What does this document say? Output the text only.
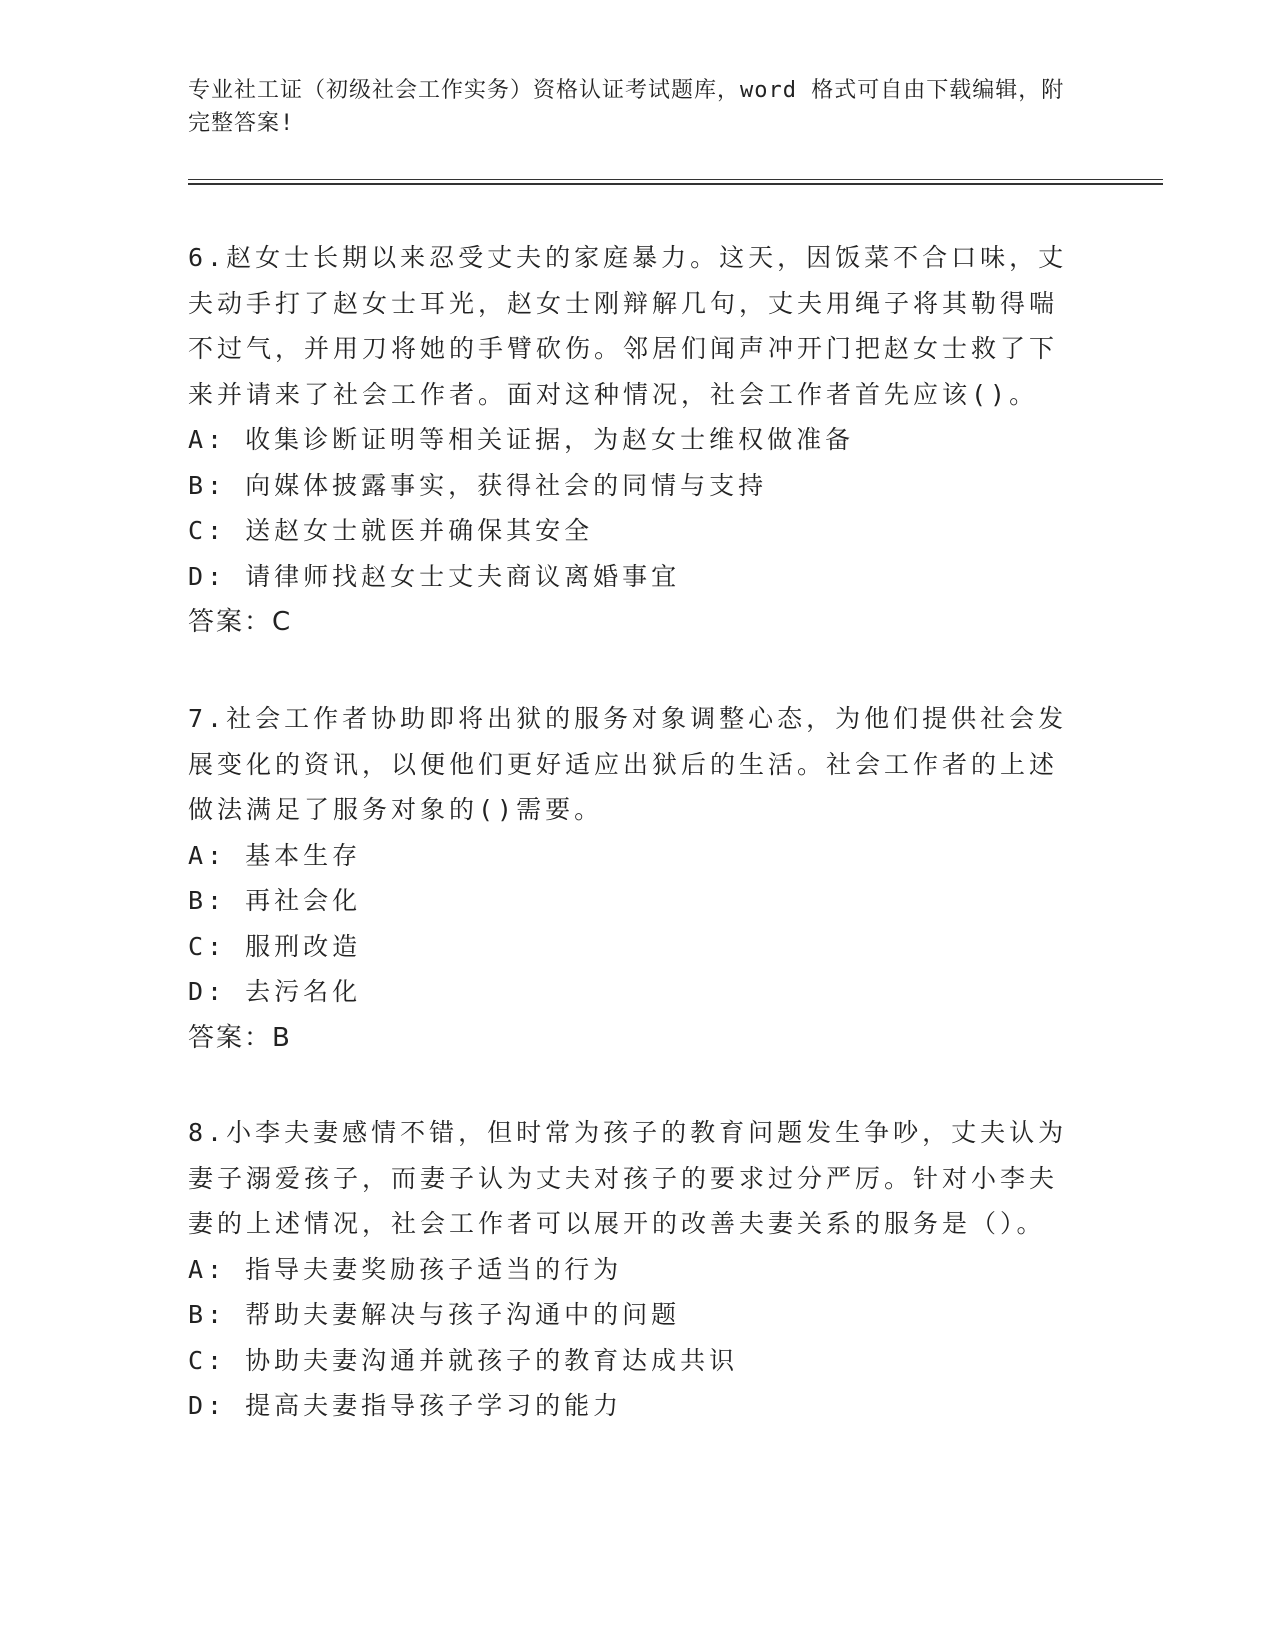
专业社工证（初级社会工作实务）资格认证考试题库，word 格式可自由下载编辑，附完整答案!

6.赵女士长期以来忍受丈夫的家庭暴力。这天，因饭菜不合口味，丈夫动手打了赵女士耳光，赵女士刚辩解几句，丈夫用绳子将其勒得喘不过气，并用刀将她的手臂砍伤。邻居们闻声冲开门把赵女士救了下来并请来了社会工作者。面对这种情况，社会工作者首先应该()。

A: 收集诊断证明等相关证据，为赵女士维权做准备

B: 向媒体披露事实，获得社会的同情与支持

C: 送赵女士就医并确保其安全

D: 请律师找赵女士丈夫商议离婚事宜

答案：C

7.社会工作者协助即将出狱的服务对象调整心态，为他们提供社会发展变化的资讯，以便他们更好适应出狱后的生活。社会工作者的上述做法满足了服务对象的()需要。

A: 基本生存

B: 再社会化

C: 服刑改造

D: 去污名化

答案：B

8.小李夫妻感情不错，但时常为孩子的教育问题发生争吵，丈夫认为妻子溺爱孩子，而妻子认为丈夫对孩子的要求过分严厉。针对小李夫妻的上述情况，社会工作者可以展开的改善夫妻关系的服务是（）。

A: 指导夫妻奖励孩子适当的行为

B: 帮助夫妻解决与孩子沟通中的问题

C: 协助夫妻沟通并就孩子的教育达成共识

D: 提高夫妻指导孩子学习的能力
